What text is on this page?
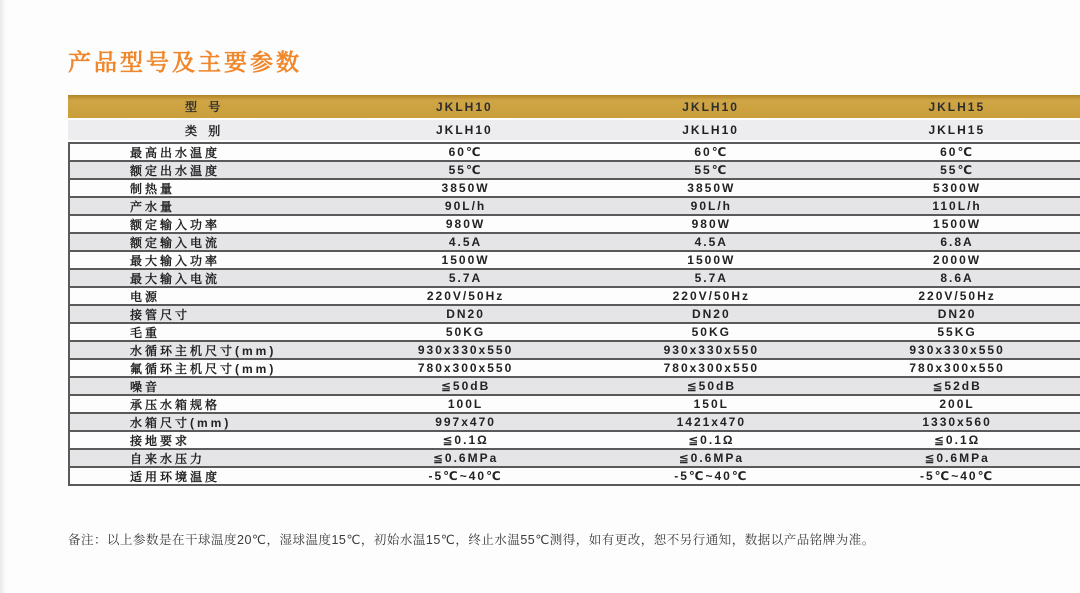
产品型号及主要参数
型 号	JKLH10	JKLH10	JKLH15
类 别	JKLH10	JKLH10	JKLH15
最高出水温度	60℃	60℃	60℃
额定出水温度	55℃	55℃	55℃
制热量	3850W	3850W	5300W
产水量	90L/h	90L/h	110L/h
额定输入功率	980W	980W	1500W
额定输入电流	4.5A	4.5A	6.8A
最大输入功率	1500W	1500W	2000W
最大输入电流	5.7A	5.7A	8.6A
电源	220V/50Hz	220V/50Hz	220V/50Hz
接管尺寸	DN20	DN20	DN20
毛重	50KG	50KG	55KG
水循环主机尺寸(mm)	930x330x550	930x330x550	930x330x550
氟循环主机尺寸(mm)	780x300x550	780x300x550	780x300x550
噪音	≦50dB	≦50dB	≦52dB
承压水箱规格	100L	150L	200L
水箱尺寸(mm)	997x470	1421x470	1330x560
接地要求	≦0.1Ω	≦0.1Ω	≦0.1Ω
自来水压力	≦0.6MPa	≦0.6MPa	≦0.6MPa
适用环境温度	-5℃~40℃	-5℃~40℃	-5℃~40℃
备注：以上参数是在干球温度20℃，湿球温度15℃，初始水温15℃，终止水温55℃测得，如有更改，恕不另行通知，数据以产品铭牌为准。
